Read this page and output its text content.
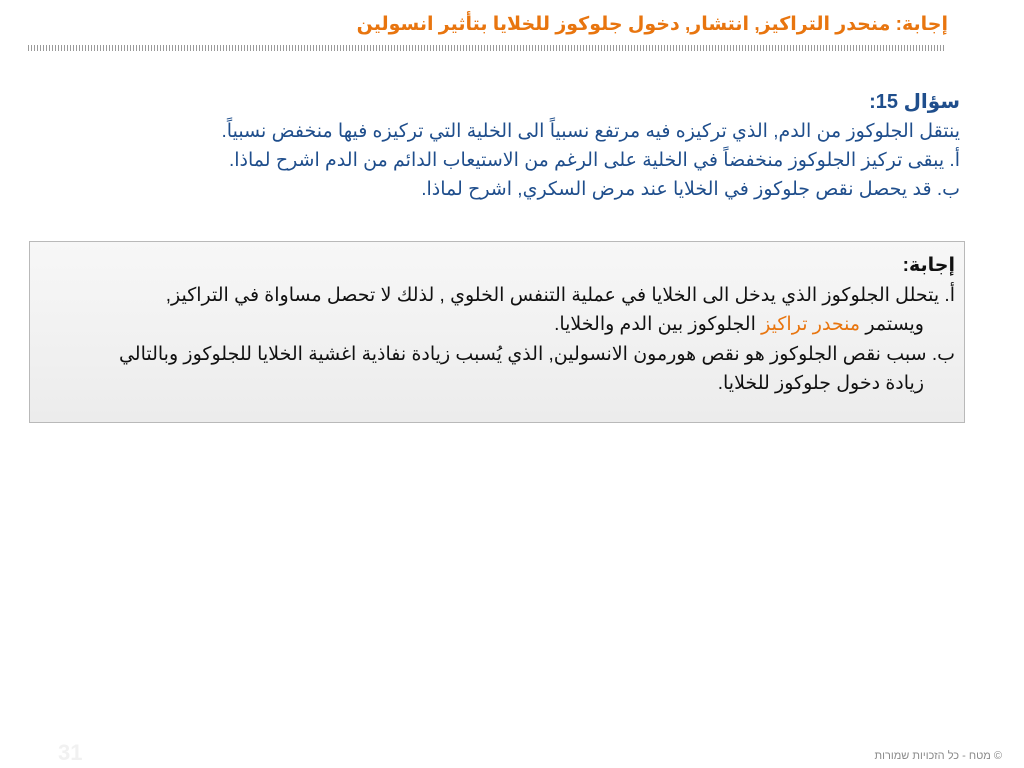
إجابة: منحدر التراكيز, انتشار, دخول جلوكوز للخلايا بتأثير انسولين
سؤال 15:
ينتقل الجلوكوز من الدم, الذي تركيزه فيه مرتفع نسبياً الى الخلية التي تركيزه فيها منخفض نسبياً.
أ. يبقى تركيز الجلوكوز منخفضاً في الخلية على الرغم من الاستيعاب الدائم من الدم اشرح لماذا.
ب. قد يحصل نقص جلوكوز في الخلايا عند مرض السكري, اشرح لماذا.
إجابة:
أ. يتحلل الجلوكوز الذي يدخل الى الخلايا في عملية التنفس الخلوي , لذلك لا تحصل مساواة في التراكيز,
ويستمر منحدر تراكيز الجلوكوز بين الدم والخلايا.
ب. سبب نقص الجلوكوز هو نقص هورمون الانسولين, الذي يُسبب زيادة نفاذية اغشية الخلايا للجلوكوز وبالتالي
زيادة دخول جلوكوز للخلايا.
31	© מטח - כל הזכויות שמורות
